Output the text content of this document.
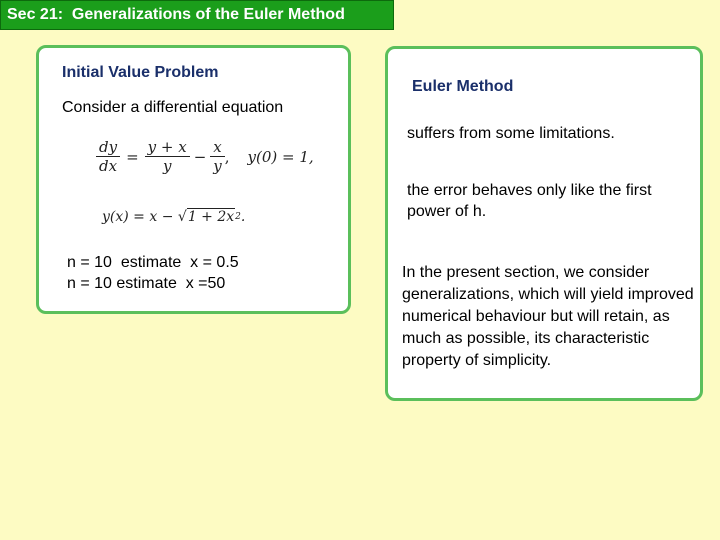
Sec 21:  Generalizations of the Euler Method
Initial Value Problem
Consider a differential equation
$\frac{dy}{dx} = \frac{y + x}{y} - \frac{x}{y}$ , y(0) = 1,
y(x) = x − √ 1 + 2x 2 .
n = 10  estimate  x = 0.5
n = 10 estimate  x =50
Euler Method
suffers from some limitations.
the error behaves only like the first power of h.
In the present section, we consider generalizations, which will yield improved numerical behaviour but will retain, as much as possible, its characteristic property of simplicity.
